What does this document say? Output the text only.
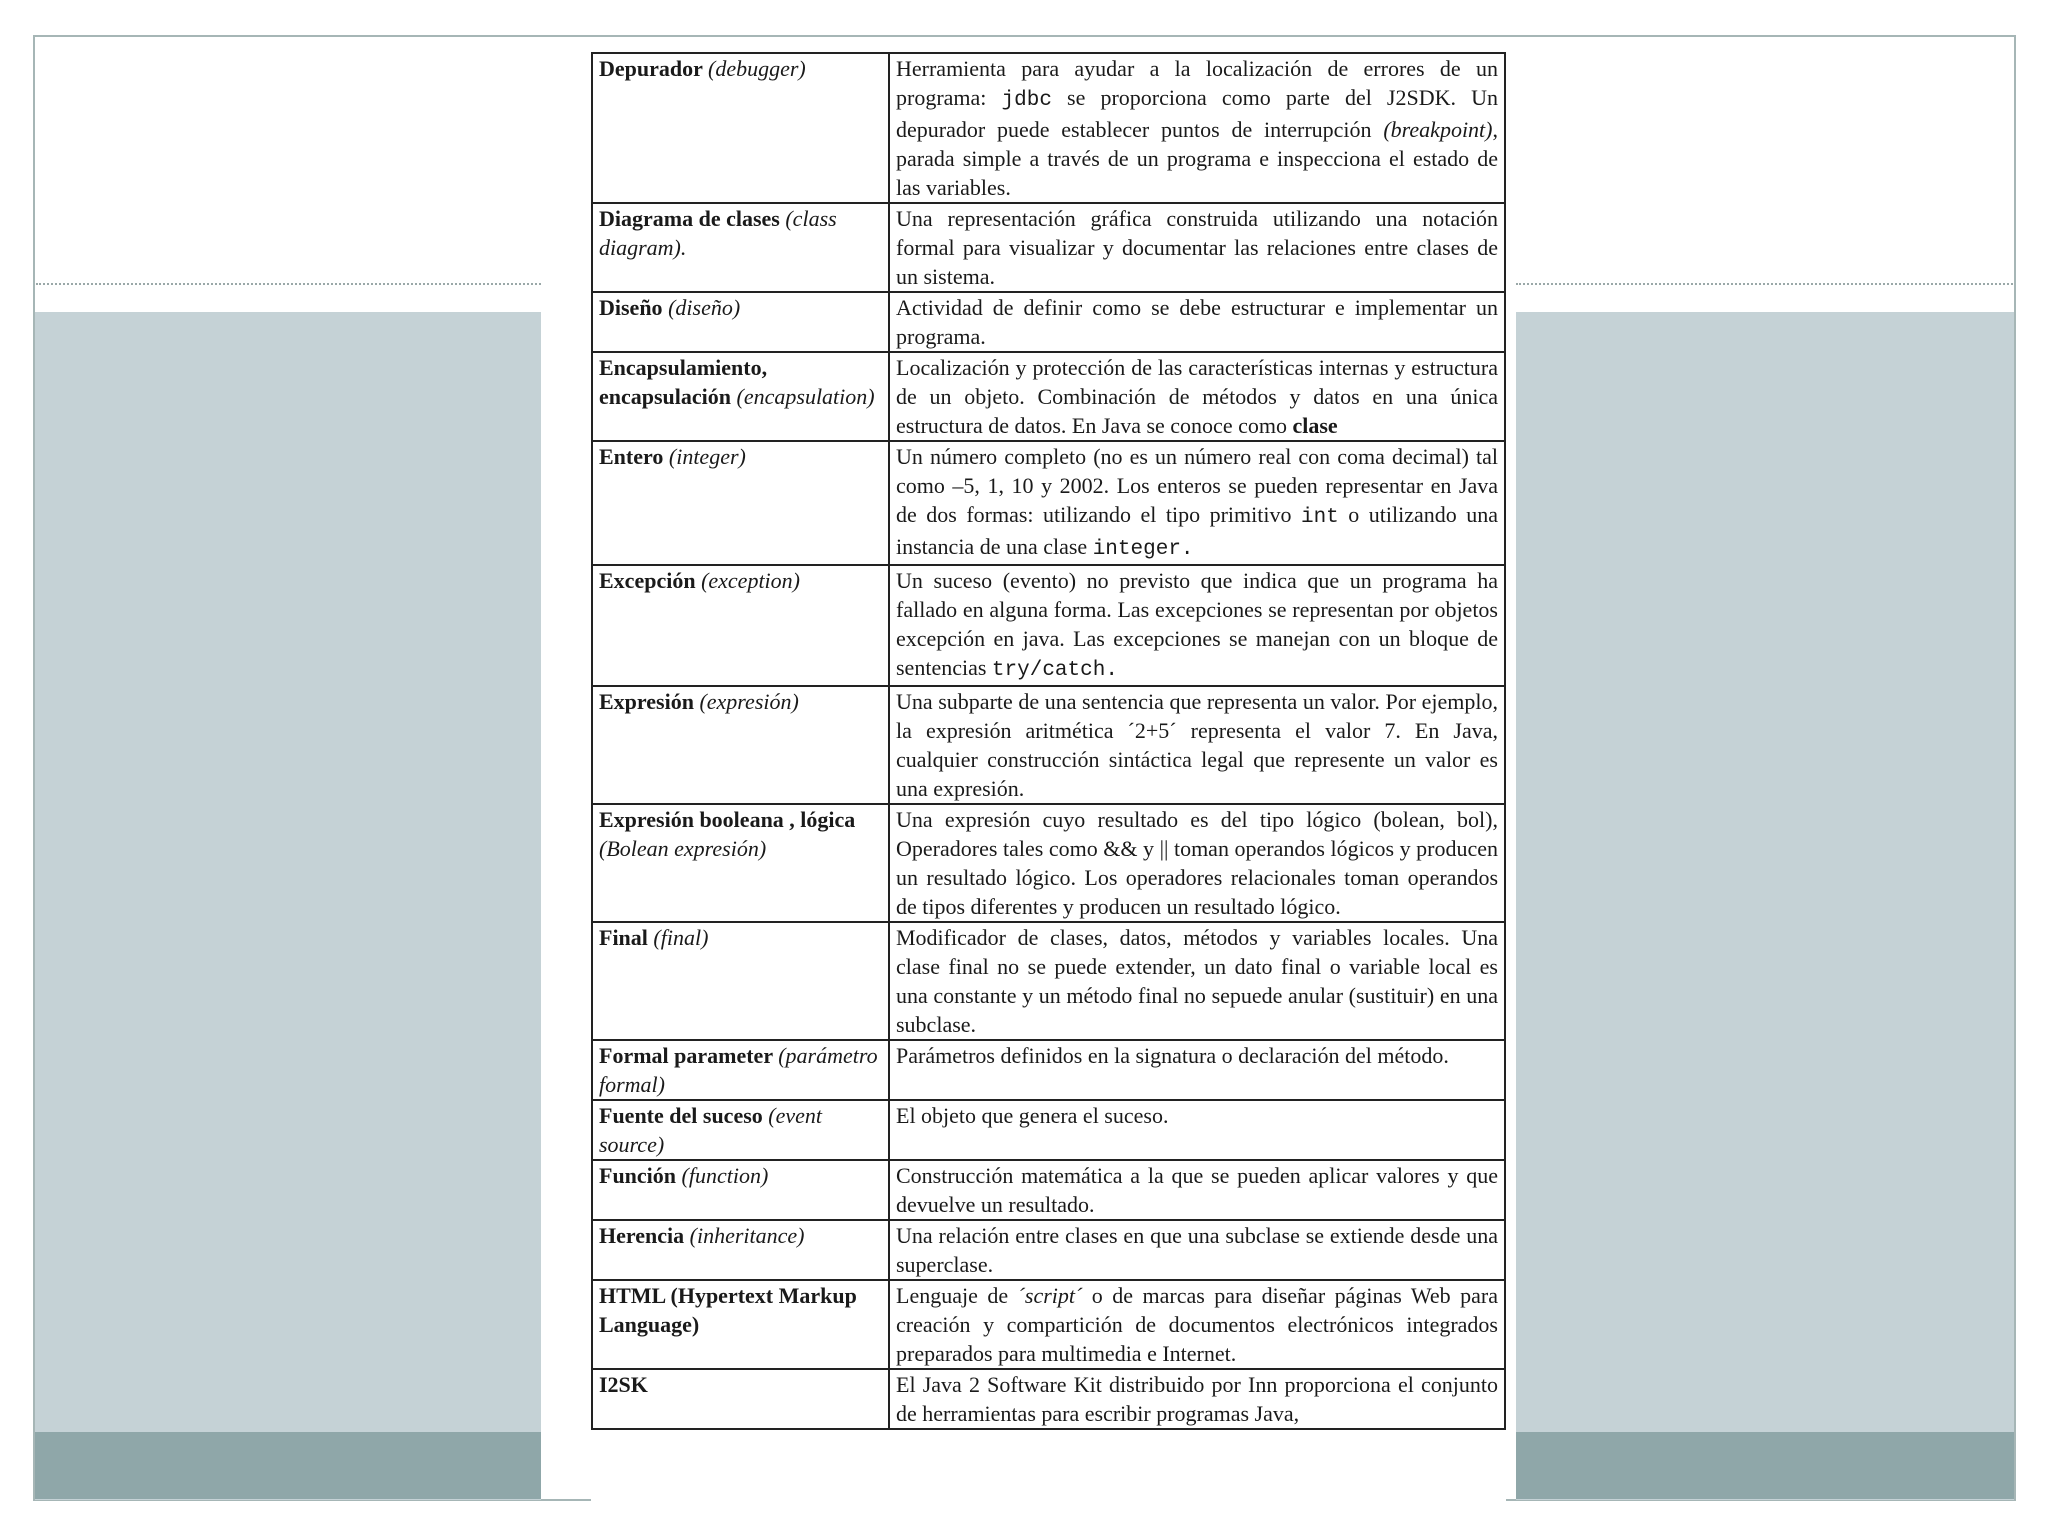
Depurador (debugger)	Herramienta para ayudar a la localización de errores de un programa: jdbc se proporciona como parte del J2SDK. Un depurador puede establecer puntos de interrupción (breakpoint), parada simple a través de un programa e inspecciona el estado de las variables.
Diagrama de clases (class diagram).	Una representación gráfica construida utilizando una notación formal para visualizar y documentar las relaciones entre clases de un sistema.
Diseño (diseño)	Actividad de definir como se debe estructurar e implementar un programa.
Encapsulamiento, encapsulación (encapsulation)	Localización y protección de las características internas y estructura de un objeto. Combinación de métodos y datos en una única estructura de datos. En Java se conoce como clase
Entero (integer)	Un número completo (no es un número real con coma decimal) tal como –5, 1, 10 y 2002. Los enteros se pueden representar en Java de dos formas: utilizando el tipo primitivo int o utilizando una instancia de una clase integer.
Excepción (exception)	Un suceso (evento) no previsto que indica que un programa ha fallado en alguna forma. Las excepciones se representan por objetos excepción en java. Las excepciones se manejan con un bloque de sentencias try/catch.
Expresión (expresión)	Una subparte de una sentencia que representa un valor. Por ejemplo, la expresión aritmética ´2+5´ representa el valor 7. En Java, cualquier construcción sintáctica legal que represente un valor es una expresión.
Expresión booleana , lógica (Bolean expresión)	Una expresión cuyo resultado es del tipo lógico (bolean, bol), Operadores tales como && y || toman operandos lógicos y producen un resultado lógico. Los operadores relacionales toman operandos de tipos diferentes y producen un resultado lógico.
Final (final)	Modificador de clases, datos, métodos y variables locales. Una clase final no se puede extender, un dato final o variable local es una constante y un método final no sepuede anular (sustituir) en una subclase.
Formal parameter (parámetro formal)	Parámetros definidos en la signatura o declaración del método.
Fuente del suceso (event source)	El objeto que genera el suceso.
Función (function)	Construcción matemática a la que se pueden aplicar valores y que devuelve un resultado.
Herencia (inheritance)	Una relación entre clases en que una subclase se extiende desde una superclase.
HTML (Hypertext Markup Language)	Lenguaje de ´script´ o de marcas para diseñar páginas Web para creación y compartición de documentos electrónicos integrados preparados para multimedia e Internet.
I2SK	El Java 2 Software Kit distribuido por Inn proporciona el conjunto de herramientas para escribir programas Java,
